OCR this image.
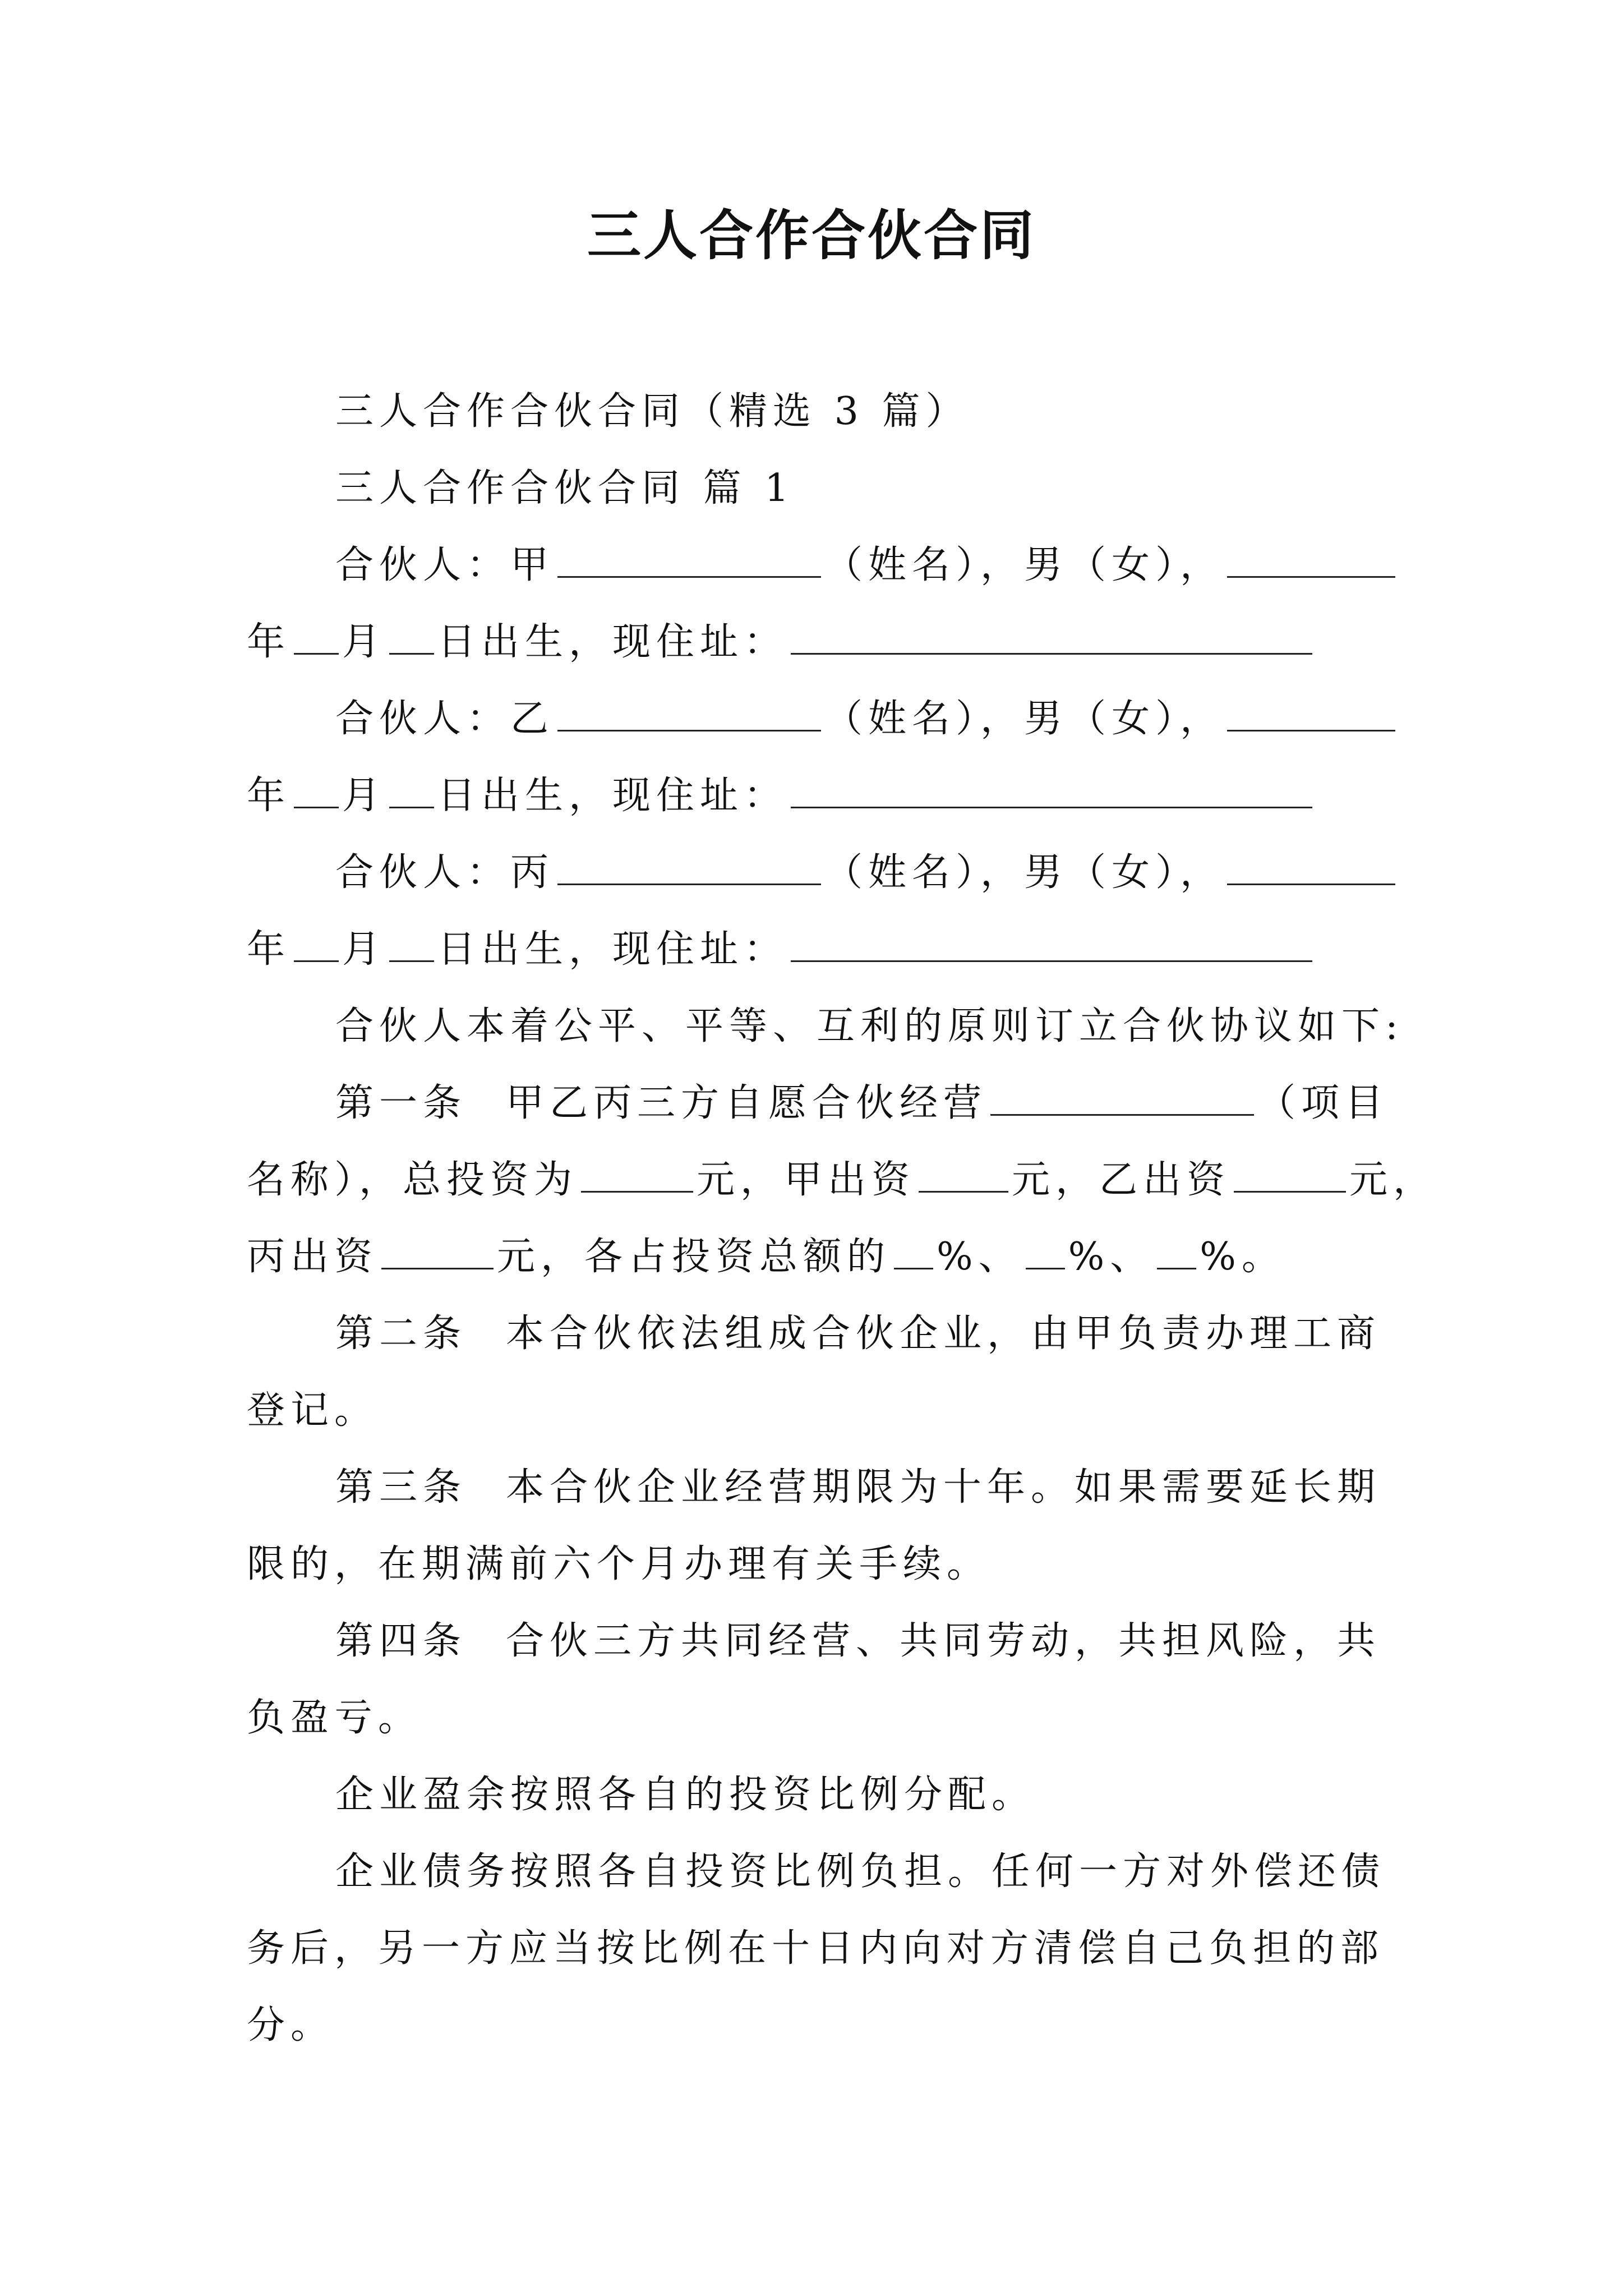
三人合作合伙合同
三人合作合伙合同（精选 3 篇）
三人合作合伙合同 篇 1
合伙人：甲	（姓名），男（女），
年 月 日出生，现住址：
合伙人：乙	（姓名），男（女），
年 月 日出生，现住址：
合伙人：丙	（姓名），男（女），
年 月 日出生，现住址：
合伙人本着公平、平等、互利的原则订立合伙协议如下:
第一条 甲乙丙三方自愿合伙经营	（项目
名称），总投资为	元，甲出资	元，乙出资	元，
丙出资	元，各占投资总额的 %、 %、 %。
第二条 本合伙依法组成合伙企业，由甲负责办理工商
登记。
第三条 本合伙企业经营期限为十年。如果需要延长期
限的，在期满前六个月办理有关手续。
第四条 合伙三方共同经营、共同劳动，共担风险，共
负盈亏。
企业盈余按照各自的投资比例分配。
企业债务按照各自投资比例负担。任何一方对外偿还债
务后，另一方应当按比例在十日内向对方清偿自己负担的部
分。
